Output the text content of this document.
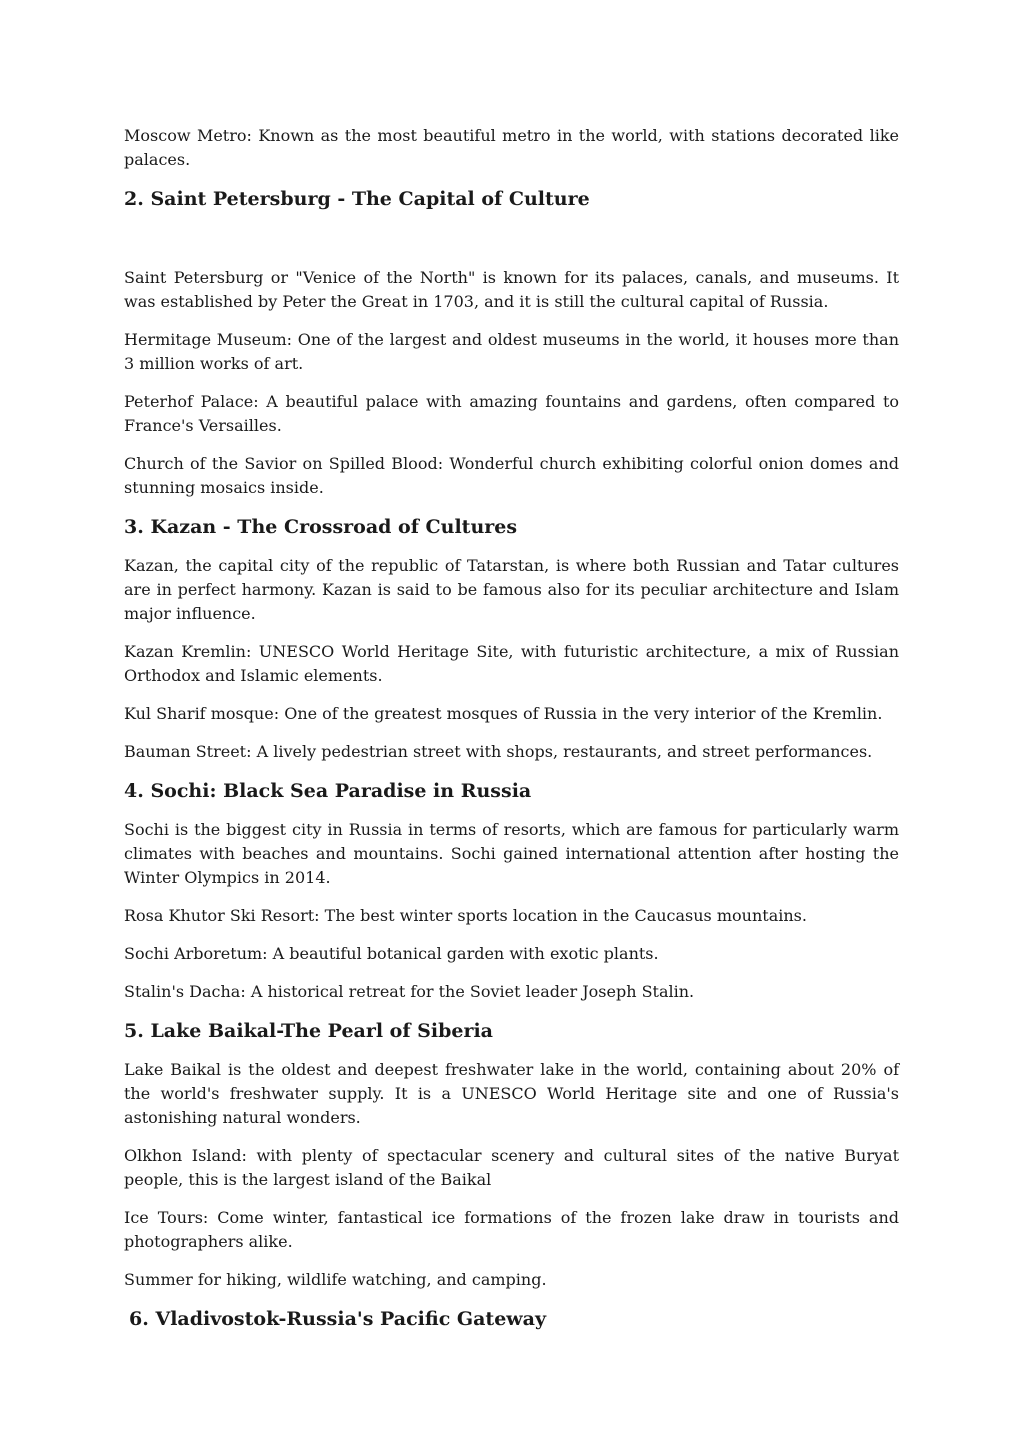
Moscow Metro: Known as the most beautiful metro in the world, with stations decorated like palaces.

2. Saint Petersburg - The Capital of Culture

Saint Petersburg or "Venice of the North" is known for its palaces, canals, and museums. It was established by Peter the Great in 1703, and it is still the cultural capital of Russia.

Hermitage Museum: One of the largest and oldest museums in the world, it houses more than 3 million works of art.

Peterhof Palace: A beautiful palace with amazing fountains and gardens, often compared to France's Versailles.

Church of the Savior on Spilled Blood: Wonderful church exhibiting colorful onion domes and stunning mosaics inside.

3. Kazan - The Crossroad of Cultures

Kazan, the capital city of the republic of Tatarstan, is where both Russian and Tatar cultures are in perfect harmony. Kazan is said to be famous also for its peculiar architecture and Islam major influence.

Kazan Kremlin: UNESCO World Heritage Site, with futuristic architecture, a mix of Russian Orthodox and Islamic elements.

Kul Sharif mosque: One of the greatest mosques of Russia in the very interior of the Kremlin.

Bauman Street: A lively pedestrian street with shops, restaurants, and street performances.

4. Sochi: Black Sea Paradise in Russia

Sochi is the biggest city in Russia in terms of resorts, which are famous for particularly warm climates with beaches and mountains. Sochi gained international attention after hosting the Winter Olympics in 2014.

Rosa Khutor Ski Resort: The best winter sports location in the Caucasus mountains.

Sochi Arboretum: A beautiful botanical garden with exotic plants.

Stalin's Dacha: A historical retreat for the Soviet leader Joseph Stalin.

5. Lake Baikal-The Pearl of Siberia

Lake Baikal is the oldest and deepest freshwater lake in the world, containing about 20% of the world's freshwater supply. It is a UNESCO World Heritage site and one of Russia's astonishing natural wonders.

Olkhon Island: with plenty of spectacular scenery and cultural sites of the native Buryat people, this is the largest island of the Baikal

Ice Tours: Come winter, fantastical ice formations of the frozen lake draw in tourists and photographers alike.

Summer for hiking, wildlife watching, and camping.

6. Vladivostok-Russia's Pacific Gateway
